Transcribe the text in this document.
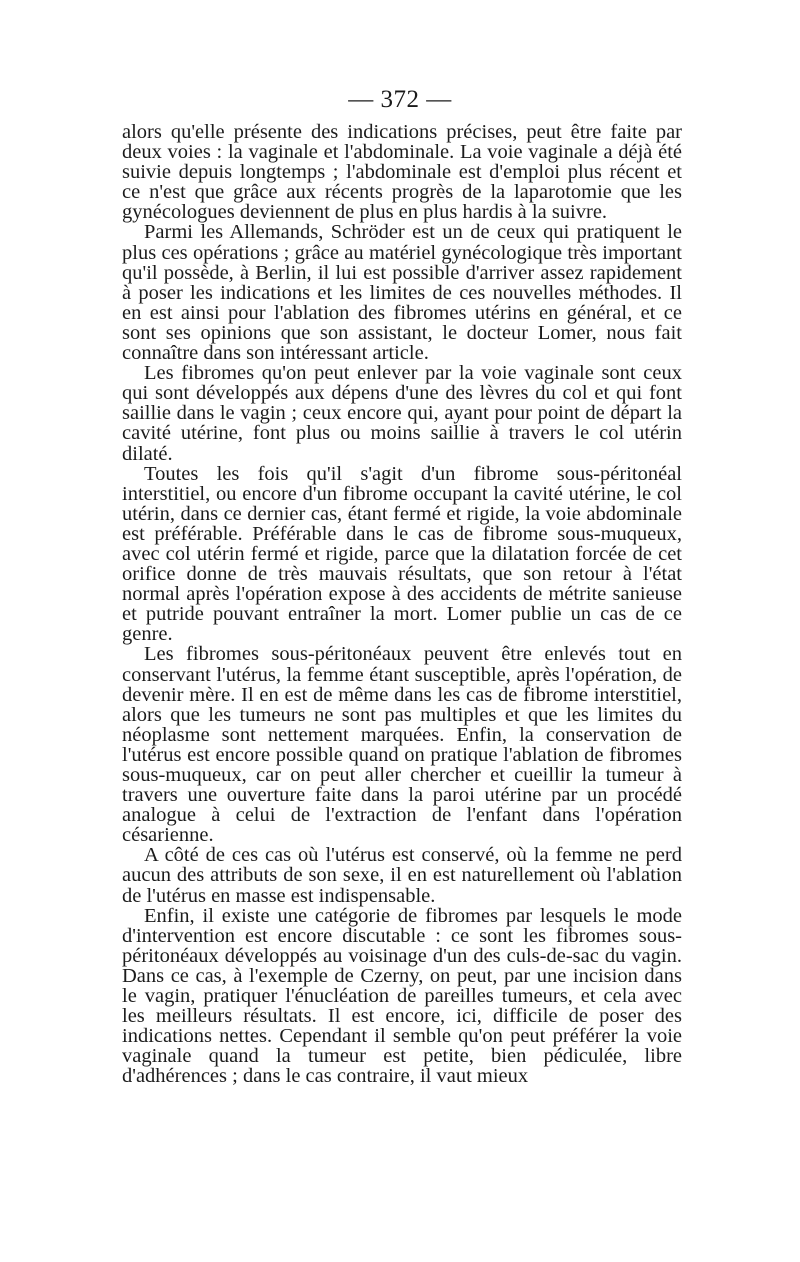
— 372 —

alors qu'elle présente des indications précises, peut être faite par deux voies : la vaginale et l'abdominale. La voie vaginale a déjà été suivie depuis longtemps ; l'abdominale est d'emploi plus récent et ce n'est que grâce aux récents progrès de la laparotomie que les gynécologues deviennent de plus en plus hardis à la suivre.

Parmi les Allemands, Schröder est un de ceux qui pratiquent le plus ces opérations ; grâce au matériel gynécologique très important qu'il possède, à Berlin, il lui est possible d'arriver assez rapidement à poser les indications et les limites de ces nouvelles méthodes. Il en est ainsi pour l'ablation des fibromes utérins en général, et ce sont ses opinions que son assistant, le docteur Lomer, nous fait connaître dans son intéressant article.

Les fibromes qu'on peut enlever par la voie vaginale sont ceux qui sont développés aux dépens d'une des lèvres du col et qui font saillie dans le vagin ; ceux encore qui, ayant pour point de départ la cavité utérine, font plus ou moins saillie à travers le col utérin dilaté.

Toutes les fois qu'il s'agit d'un fibrome sous-péritonéal interstitiel, ou encore d'un fibrome occupant la cavité utérine, le col utérin, dans ce dernier cas, étant fermé et rigide, la voie abdominale est préférable. Préférable dans le cas de fibrome sous-muqueux, avec col utérin fermé et rigide, parce que la dilatation forcée de cet orifice donne de très mauvais résultats, que son retour à l'état normal après l'opération expose à des accidents de métrite sanieuse et putride pouvant entraîner la mort. Lomer publie un cas de ce genre.

Les fibromes sous-péritonéaux peuvent être enlevés tout en conservant l'utérus, la femme étant susceptible, après l'opération, de devenir mère. Il en est de même dans les cas de fibrome interstitiel, alors que les tumeurs ne sont pas multiples et que les limites du néoplasme sont nettement marquées. Enfin, la conservation de l'utérus est encore possible quand on pratique l'ablation de fibromes sous-muqueux, car on peut aller chercher et cueillir la tumeur à travers une ouverture faite dans la paroi utérine par un procédé analogue à celui de l'extraction de l'enfant dans l'opération césarienne.

A côté de ces cas où l'utérus est conservé, où la femme ne perd aucun des attributs de son sexe, il en est naturellement où l'ablation de l'utérus en masse est indispensable.

Enfin, il existe une catégorie de fibromes par lesquels le mode d'intervention est encore discutable : ce sont les fibromes sous-péritonéaux développés au voisinage d'un des culs-de-sac du vagin. Dans ce cas, à l'exemple de Czerny, on peut, par une incision dans le vagin, pratiquer l'énucléation de pareilles tumeurs, et cela avec les meilleurs résultats. Il est encore, ici, difficile de poser des indications nettes. Cependant il semble qu'on peut préférer la voie vaginale quand la tumeur est petite, bien pédiculée, libre d'adhérences ; dans le cas contraire, il vaut mieux
